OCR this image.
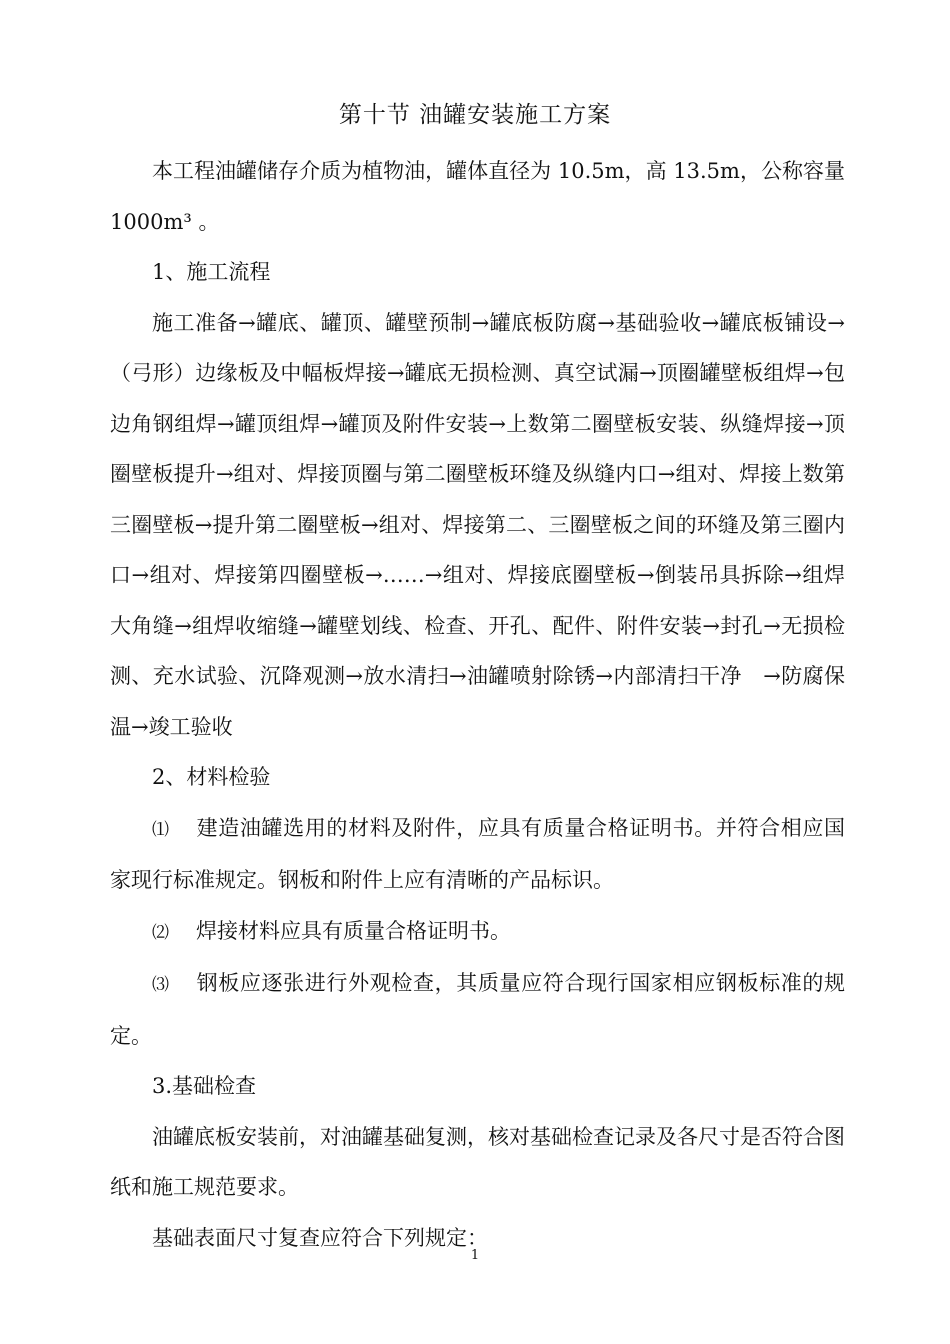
第十节 油罐安装施工方案

本工程油罐储存介质为植物油，罐体直径为 10.5m，高 13.5m，公称容量 1000m³ 。

1、施工流程

施工准备→罐底、罐顶、罐壁预制→罐底板防腐→基础验收→罐底板铺设→（弓形）边缘板及中幅板焊接→罐底无损检测、真空试漏→顶圈罐壁板组焊→包边角钢组焊→罐顶组焊→罐顶及附件安装→上数第二圈壁板安装、纵缝焊接→顶圈壁板提升→组对、焊接顶圈与第二圈壁板环缝及纵缝内口→组对、焊接上数第三圈壁板→提升第二圈壁板→组对、焊接第二、三圈壁板之间的环缝及第三圈内口→组对、焊接第四圈壁板→……→组对、焊接底圈壁板→倒装吊具拆除→组焊大角缝→组焊收缩缝→罐壁划线、检查、开孔、配件、附件安装→封孔→无损检测、充水试验、沉降观测→放水清扫→油罐喷射除锈→内部清扫干净　→防腐保温→竣工验收

2、材料检验

⑴ 建造油罐选用的材料及附件，应具有质量合格证明书。并符合相应国家现行标准规定。钢板和附件上应有清晰的产品标识。

⑵ 焊接材料应具有质量合格证明书。

⑶ 钢板应逐张进行外观检查，其质量应符合现行国家相应钢板标准的规定。

3.基础检查

油罐底板安装前，对油罐基础复测，核对基础检查记录及各尺寸是否符合图纸和施工规范要求。

基础表面尺寸复查应符合下列规定：

1
